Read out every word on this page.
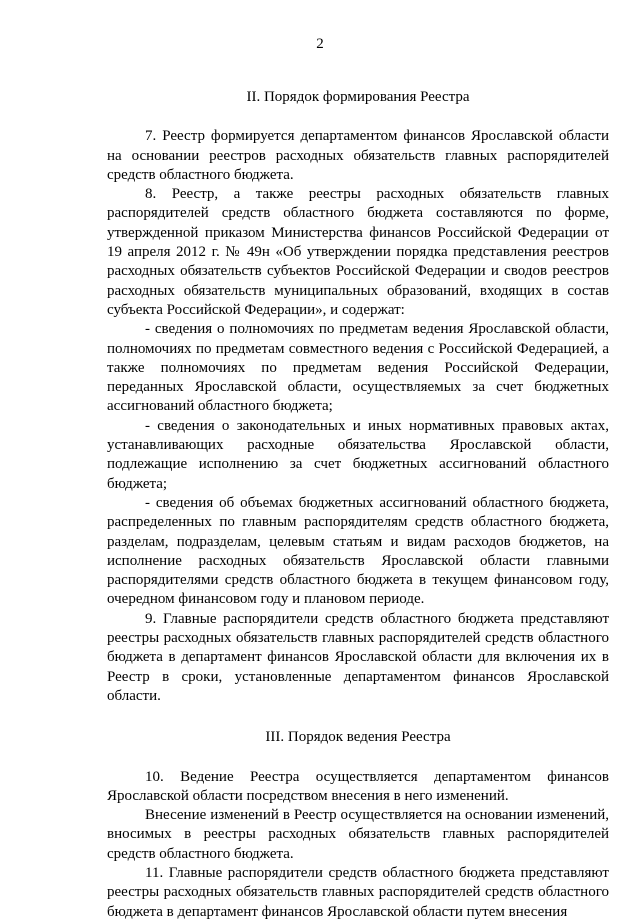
2
II. Порядок формирования Реестра

7. Реестр формируется департаментом финансов Ярославской области на основании реестров расходных обязательств главных распорядителей средств областного бюджета.

8. Реестр, а также реестры расходных обязательств главных распорядителей средств областного бюджета составляются по форме, утвержденной приказом Министерства финансов Российской Федерации от 19 апреля 2012 г. № 49н «Об утверждении порядка представления реестров расходных обязательств субъектов Российской Федерации и сводов реестров расходных обязательств муниципальных образований, входящих в состав субъекта Российской Федерации», и содержат:

- сведения о полномочиях по предметам ведения Ярославской области, полномочиях по предметам совместного ведения с Российской Федерацией, а также полномочиях по предметам ведения Российской Федерации, переданных Ярославской области, осуществляемых за счет бюджетных ассигнований областного бюджета;

- сведения о законодательных и иных нормативных правовых актах, устанавливающих расходные обязательства Ярославской области, подлежащие исполнению за счет бюджетных ассигнований областного бюджета;

- сведения об объемах бюджетных ассигнований областного бюджета, распределенных по главным распорядителям средств областного бюджета, разделам, подразделам, целевым статьям и видам расходов бюджетов, на исполнение расходных обязательств Ярославской области главными распорядителями средств областного бюджета в текущем финансовом году, очередном финансовом году и плановом периоде.

9. Главные распорядители средств областного бюджета представляют реестры расходных обязательств главных распорядителей средств областного бюджета в департамент финансов Ярославской области для включения их в Реестр в сроки, установленные департаментом финансов Ярославской области.

III. Порядок ведения Реестра

10. Ведение Реестра осуществляется департаментом финансов Ярославской области посредством внесения в него изменений.

Внесение изменений в Реестр осуществляется на основании изменений, вносимых в реестры расходных обязательств главных распорядителей средств областного бюджета.

11. Главные распорядители средств областного бюджета представляют реестры расходных обязательств главных распорядителей средств областного бюджета в департамент финансов Ярославской области путем внесения
